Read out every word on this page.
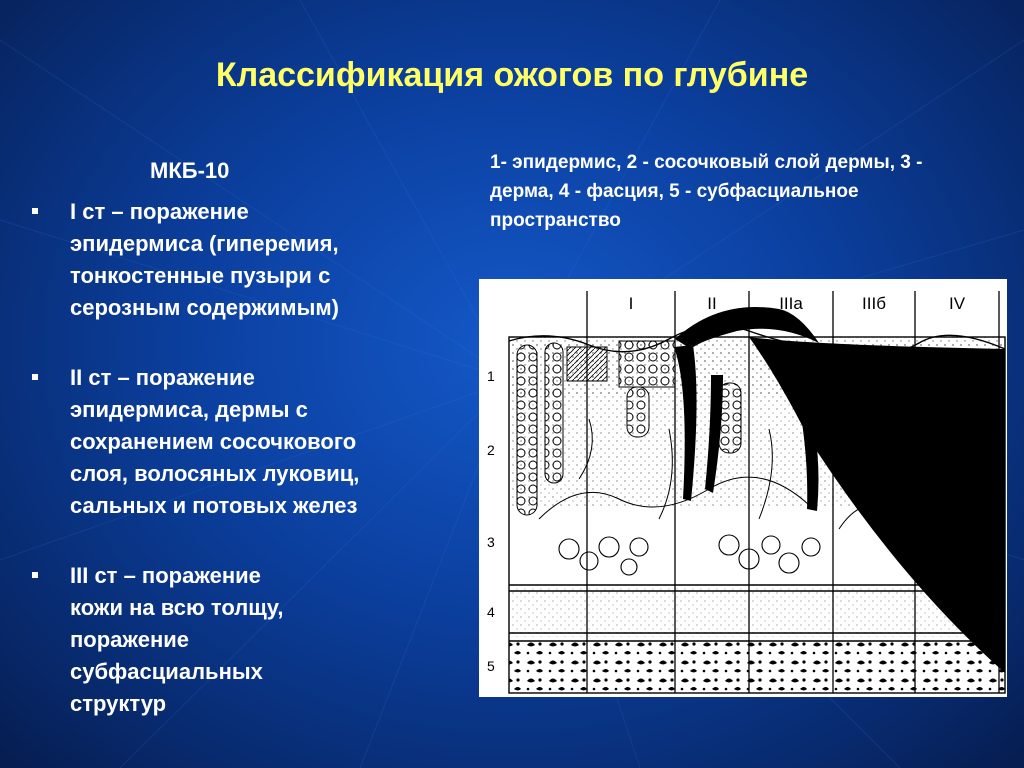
Классификация ожогов по глубине

МКБ-10

I ст – поражение
эпидермиса (гиперемия,
тонкостенные пузыри с
серозным содержимым)
II ст – поражение
эпидермиса, дермы с
сохранением сосочкового
слоя, волосяных луковиц,
сальных и потовых желез
III ст – поражение
кожи на всю толщу,
поражение
субфасциальных
структур

1- эпидермис, 2 - сосочковый слой дермы, 3 - дерма, 4 - фасция, 5 - субфасциальное пространство

I	II	IIIа	IIIб	IV
1
2
3
4
5
